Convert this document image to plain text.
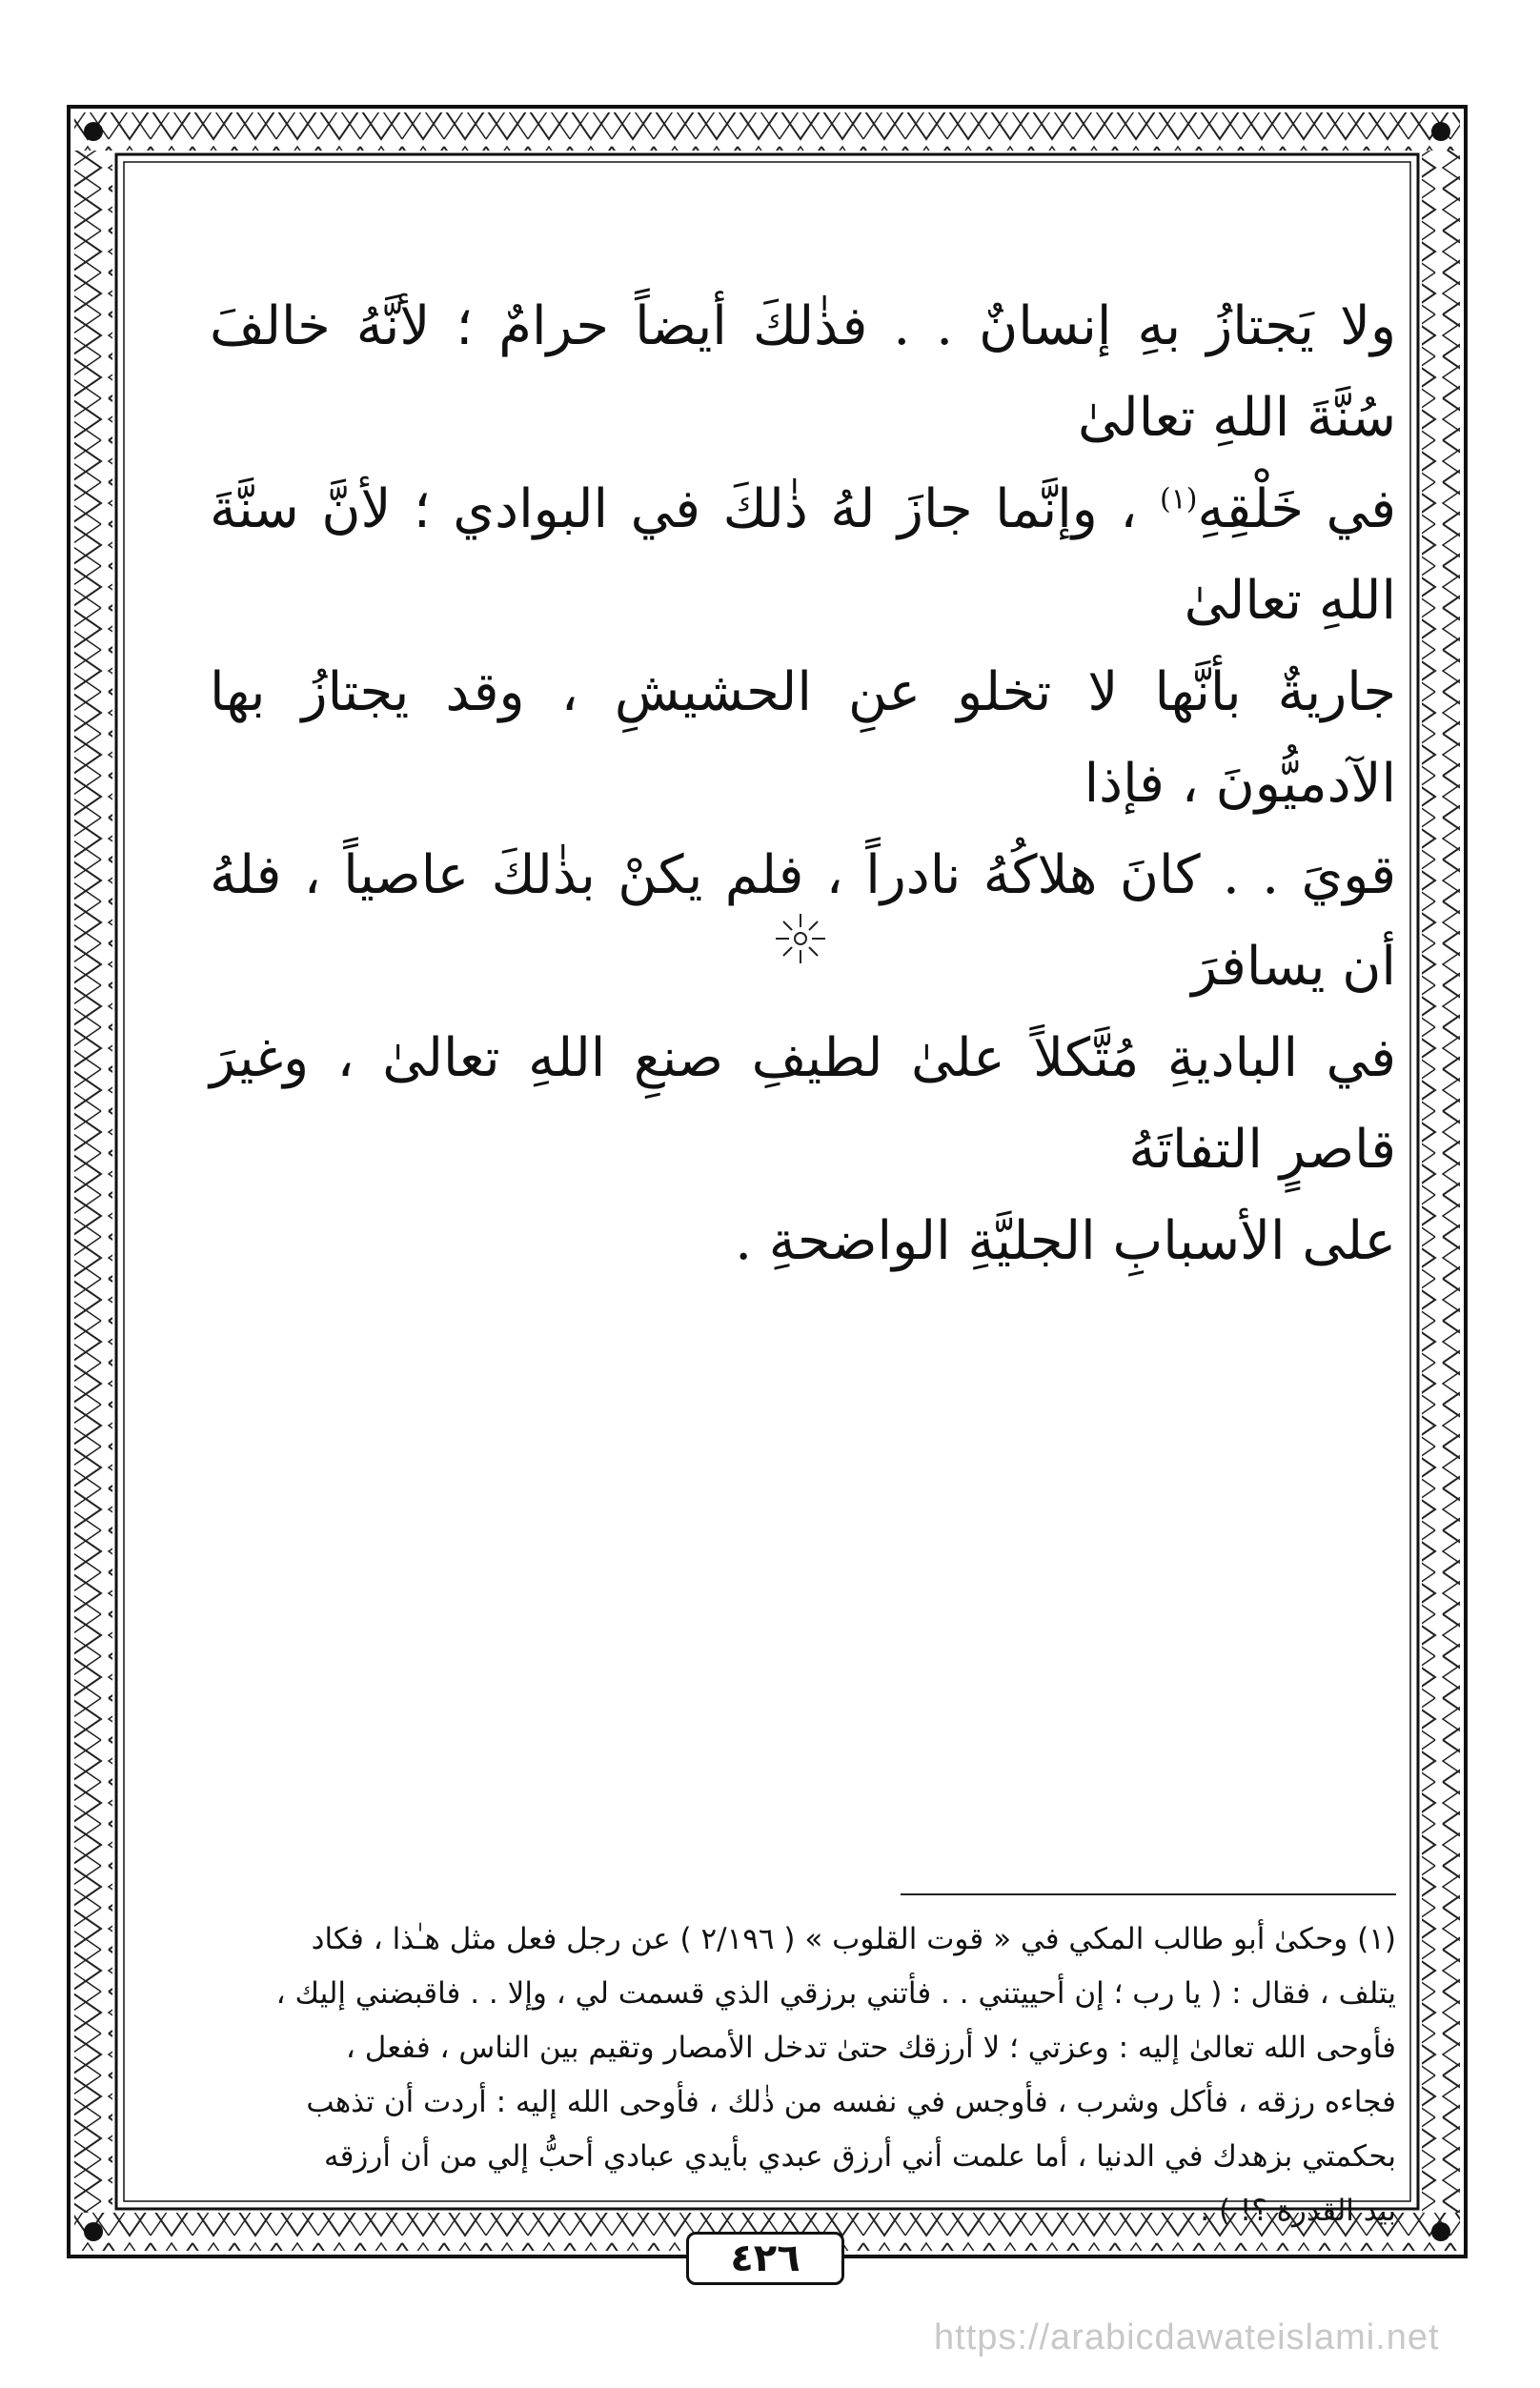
ولا يَجتازُ بهِ إنسانٌ . . فذٰلكَ أيضاً حرامٌ ؛ لأنَّهُ خالفَ سُنَّةَ اللهِ تعالىٰ

في خَلْقِهِ$^{(١)}$ ، وإنَّما جازَ لهُ ذٰلكَ في البوادي ؛ لأنَّ سنَّةَ اللهِ تعالىٰ

جاريةٌ بأنَّها لا تخلو عنِ الحشيشِ ، وقد يجتازُ بها الآدميُّونَ ، فإذا

قويَ . . كانَ هلاكُهُ نادراً ، فلم يكنْ بذٰلكَ عاصياً ، فلهُ أن يسافرَ

في الباديةِ مُتَّكلاً علىٰ لطيفِ صنعِ اللهِ تعالىٰ ، وغيرَ قاصرٍ التفاتَهُ

على الأسبابِ الجليَّةِ الواضحةِ .

(١) وحكىٰ أبو طالب المكي في « قوت القلوب » ( ٢/١٩٦ ) عن رجل فعل مثل هـٰذا ، فكاد

يتلف ، فقال : ( يا رب ؛ إن أحييتني . . فأتني برزقي الذي قسمت لي ، وإلا . . فاقبضني إليك ،

فأوحى الله تعالىٰ إليه : وعزتي ؛ لا أرزقك حتىٰ تدخل الأمصار وتقيم بين الناس ، ففعل ،

فجاءه رزقه ، فأكل وشرب ، فأوجس في نفسه من ذٰلك ، فأوحى الله إليه : أردت أن تذهب

بحكمتي بزهدك في الدنيا ، أما علمت أني أرزق عبدي بأيدي عبادي أحبُّ إلي من أن أرزقه

بيد القدرة ؟! ) .

٤٢٦
https://arabicdawateislami.net
